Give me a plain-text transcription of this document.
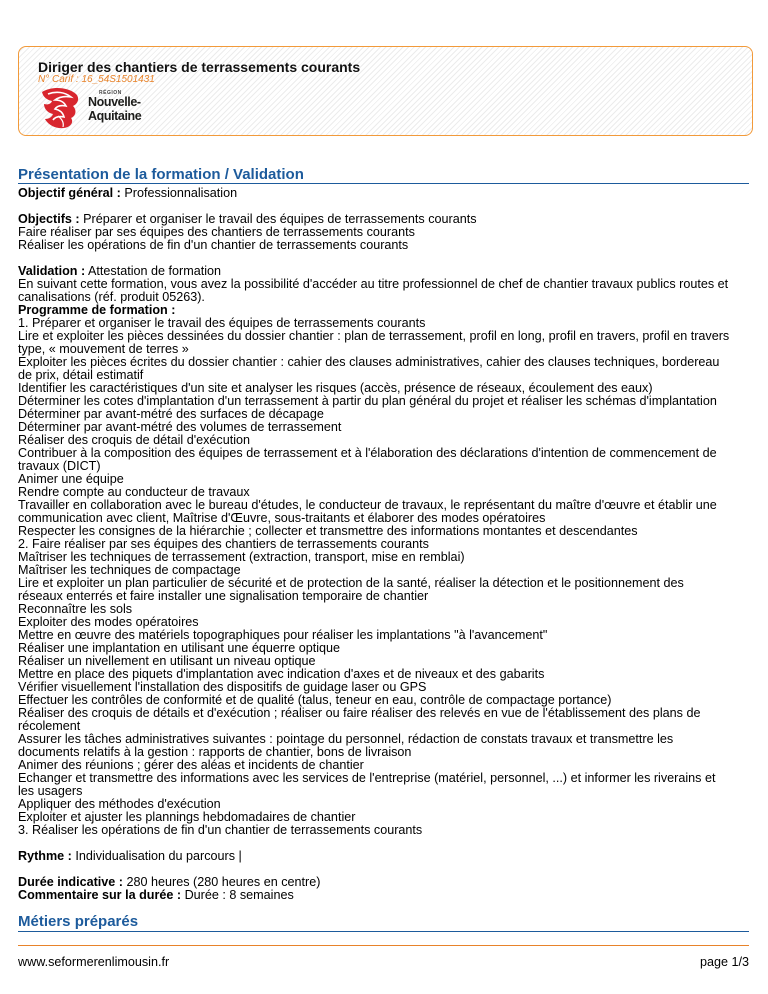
Diriger des chantiers de terrassements courants
N° Carif : 16_54S1501431
RÉGION
Nouvelle-
Aquitaine
Présentation de la formation / Validation
Objectif général : Professionnalisation
Objectifs : Préparer et organiser le travail des équipes de terrassements courants
Faire réaliser par ses équipes des chantiers de terrassements courants
Réaliser les opérations de fin d'un chantier de terrassements courants
Validation : Attestation de formation
En suivant cette formation, vous avez la possibilité d'accéder au titre professionnel de chef de chantier travaux publics routes et
canalisations (réf. produit 05263).
Programme de formation :
1. Préparer et organiser le travail des équipes de terrassements courants
Lire et exploiter les pièces dessinées du dossier chantier : plan de terrassement, profil en long, profil en travers, profil en travers
type, « mouvement de terres »
Exploiter les pièces écrites du dossier chantier : cahier des clauses administratives, cahier des clauses techniques, bordereau
de prix, détail estimatif
Identifier les caractéristiques d'un site et analyser les risques (accès, présence de réseaux, écoulement des eaux)
Déterminer les cotes d'implantation d'un terrassement à partir du plan général du projet et réaliser les schémas d'implantation
Déterminer par avant-métré des surfaces de décapage
Déterminer par avant-métré des volumes de terrassement
Réaliser des croquis de détail d'exécution
Contribuer à la composition des équipes de terrassement et à l'élaboration des déclarations d'intention de commencement de
travaux (DICT)
Animer une équipe
Rendre compte au conducteur de travaux
Travailler en collaboration avec le bureau d'études, le conducteur de travaux, le représentant du maître d'œuvre et établir une
communication avec client, Maîtrise d'Œuvre, sous-traitants et élaborer des modes opératoires
Respecter les consignes de la hiérarchie ; collecter et transmettre des informations montantes et descendantes
2. Faire réaliser par ses équipes des chantiers de terrassements courants
Maîtriser les techniques de terrassement (extraction, transport, mise en remblai)
Maîtriser les techniques de compactage
Lire et exploiter un plan particulier de sécurité et de protection de la santé, réaliser la détection et le positionnement des
réseaux enterrés et faire installer une signalisation temporaire de chantier
Reconnaître les sols
Exploiter des modes opératoires
Mettre en œuvre des matériels topographiques pour réaliser les implantations "à l'avancement"
Réaliser une implantation en utilisant une équerre optique
Réaliser un nivellement en utilisant un niveau optique
Mettre en place des piquets d'implantation avec indication d'axes et de niveaux et des gabarits
Vérifier visuellement l'installation des dispositifs de guidage laser ou GPS
Effectuer les contrôles de conformité et de qualité (talus, teneur en eau, contrôle de compactage portance)
Réaliser des croquis de détails et d'exécution ; réaliser ou faire réaliser des relevés en vue de l'établissement des plans de
récolement
Assurer les tâches administratives suivantes : pointage du personnel, rédaction de constats travaux et transmettre les
documents relatifs à la gestion : rapports de chantier, bons de livraison
Animer des réunions ; gérer des aléas et incidents de chantier
Echanger et transmettre des informations avec les services de l'entreprise (matériel, personnel, ...) et informer les riverains et
les usagers
Appliquer des méthodes d'exécution
Exploiter et ajuster les plannings hebdomadaires de chantier
3. Réaliser les opérations de fin d'un chantier de terrassements courants
Rythme : Individualisation du parcours |
Durée indicative : 280 heures (280 heures en centre)
Commentaire sur la durée : Durée : 8 semaines
Métiers préparés
www.seformerenlimousin.fr	page 1/3
